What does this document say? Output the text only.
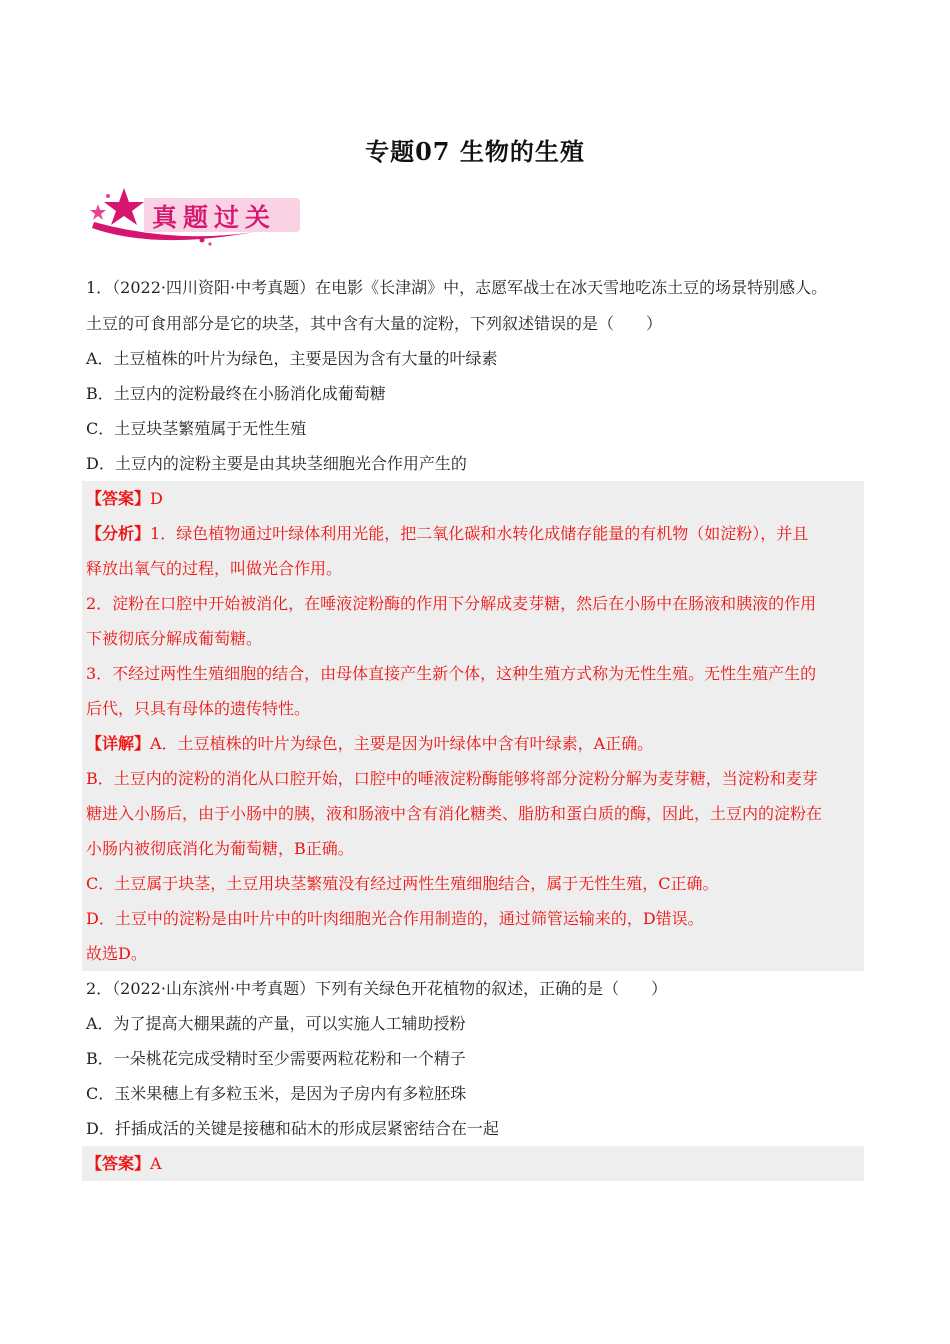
专题07 生物的生殖
真题过关
1．（2022·四川资阳·中考真题）在电影《长津湖》中，志愿军战士在冰天雪地吃冻土豆的场景特别感人。
土豆的可食用部分是它的块茎，其中含有大量的淀粉，下列叙述错误的是（　　）
A．土豆植株的叶片为绿色，主要是因为含有大量的叶绿素
B．土豆内的淀粉最终在小肠消化成葡萄糖
C．土豆块茎繁殖属于无性生殖
D．土豆内的淀粉主要是由其块茎细胞光合作用产生的
【答案】D
【分析】1．绿色植物通过叶绿体利用光能，把二氧化碳和水转化成储存能量的有机物（如淀粉），并且
释放出氧气的过程，叫做光合作用。
2．淀粉在口腔中开始被消化，在唾液淀粉酶的作用下分解成麦芽糖，然后在小肠中在肠液和胰液的作用
下被彻底分解成葡萄糖。
3．不经过两性生殖细胞的结合，由母体直接产生新个体，这种生殖方式称为无性生殖。无性生殖产生的
后代，只具有母体的遗传特性。
【详解】A．土豆植株的叶片为绿色，主要是因为叶绿体中含有叶绿素，A正确。
B．土豆内的淀粉的消化从口腔开始，口腔中的唾液淀粉酶能够将部分淀粉分解为麦芽糖，当淀粉和麦芽
糖进入小肠后，由于小肠中的胰，液和肠液中含有消化糖类、脂肪和蛋白质的酶，因此，土豆内的淀粉在
小肠内被彻底消化为葡萄糖，B正确。
C．土豆属于块茎，土豆用块茎繁殖没有经过两性生殖细胞结合，属于无性生殖，C正确。
D．土豆中的淀粉是由叶片中的叶肉细胞光合作用制造的，通过筛管运输来的，D错误。
故选D。
2．（2022·山东滨州·中考真题）下列有关绿色开花植物的叙述，正确的是（　　）
A．为了提高大棚果蔬的产量，可以实施人工辅助授粉
B．一朵桃花完成受精时至少需要两粒花粉和一个精子
C．玉米果穗上有多粒玉米，是因为子房内有多粒胚珠
D．扦插成活的关键是接穗和砧木的形成层紧密结合在一起
【答案】A
